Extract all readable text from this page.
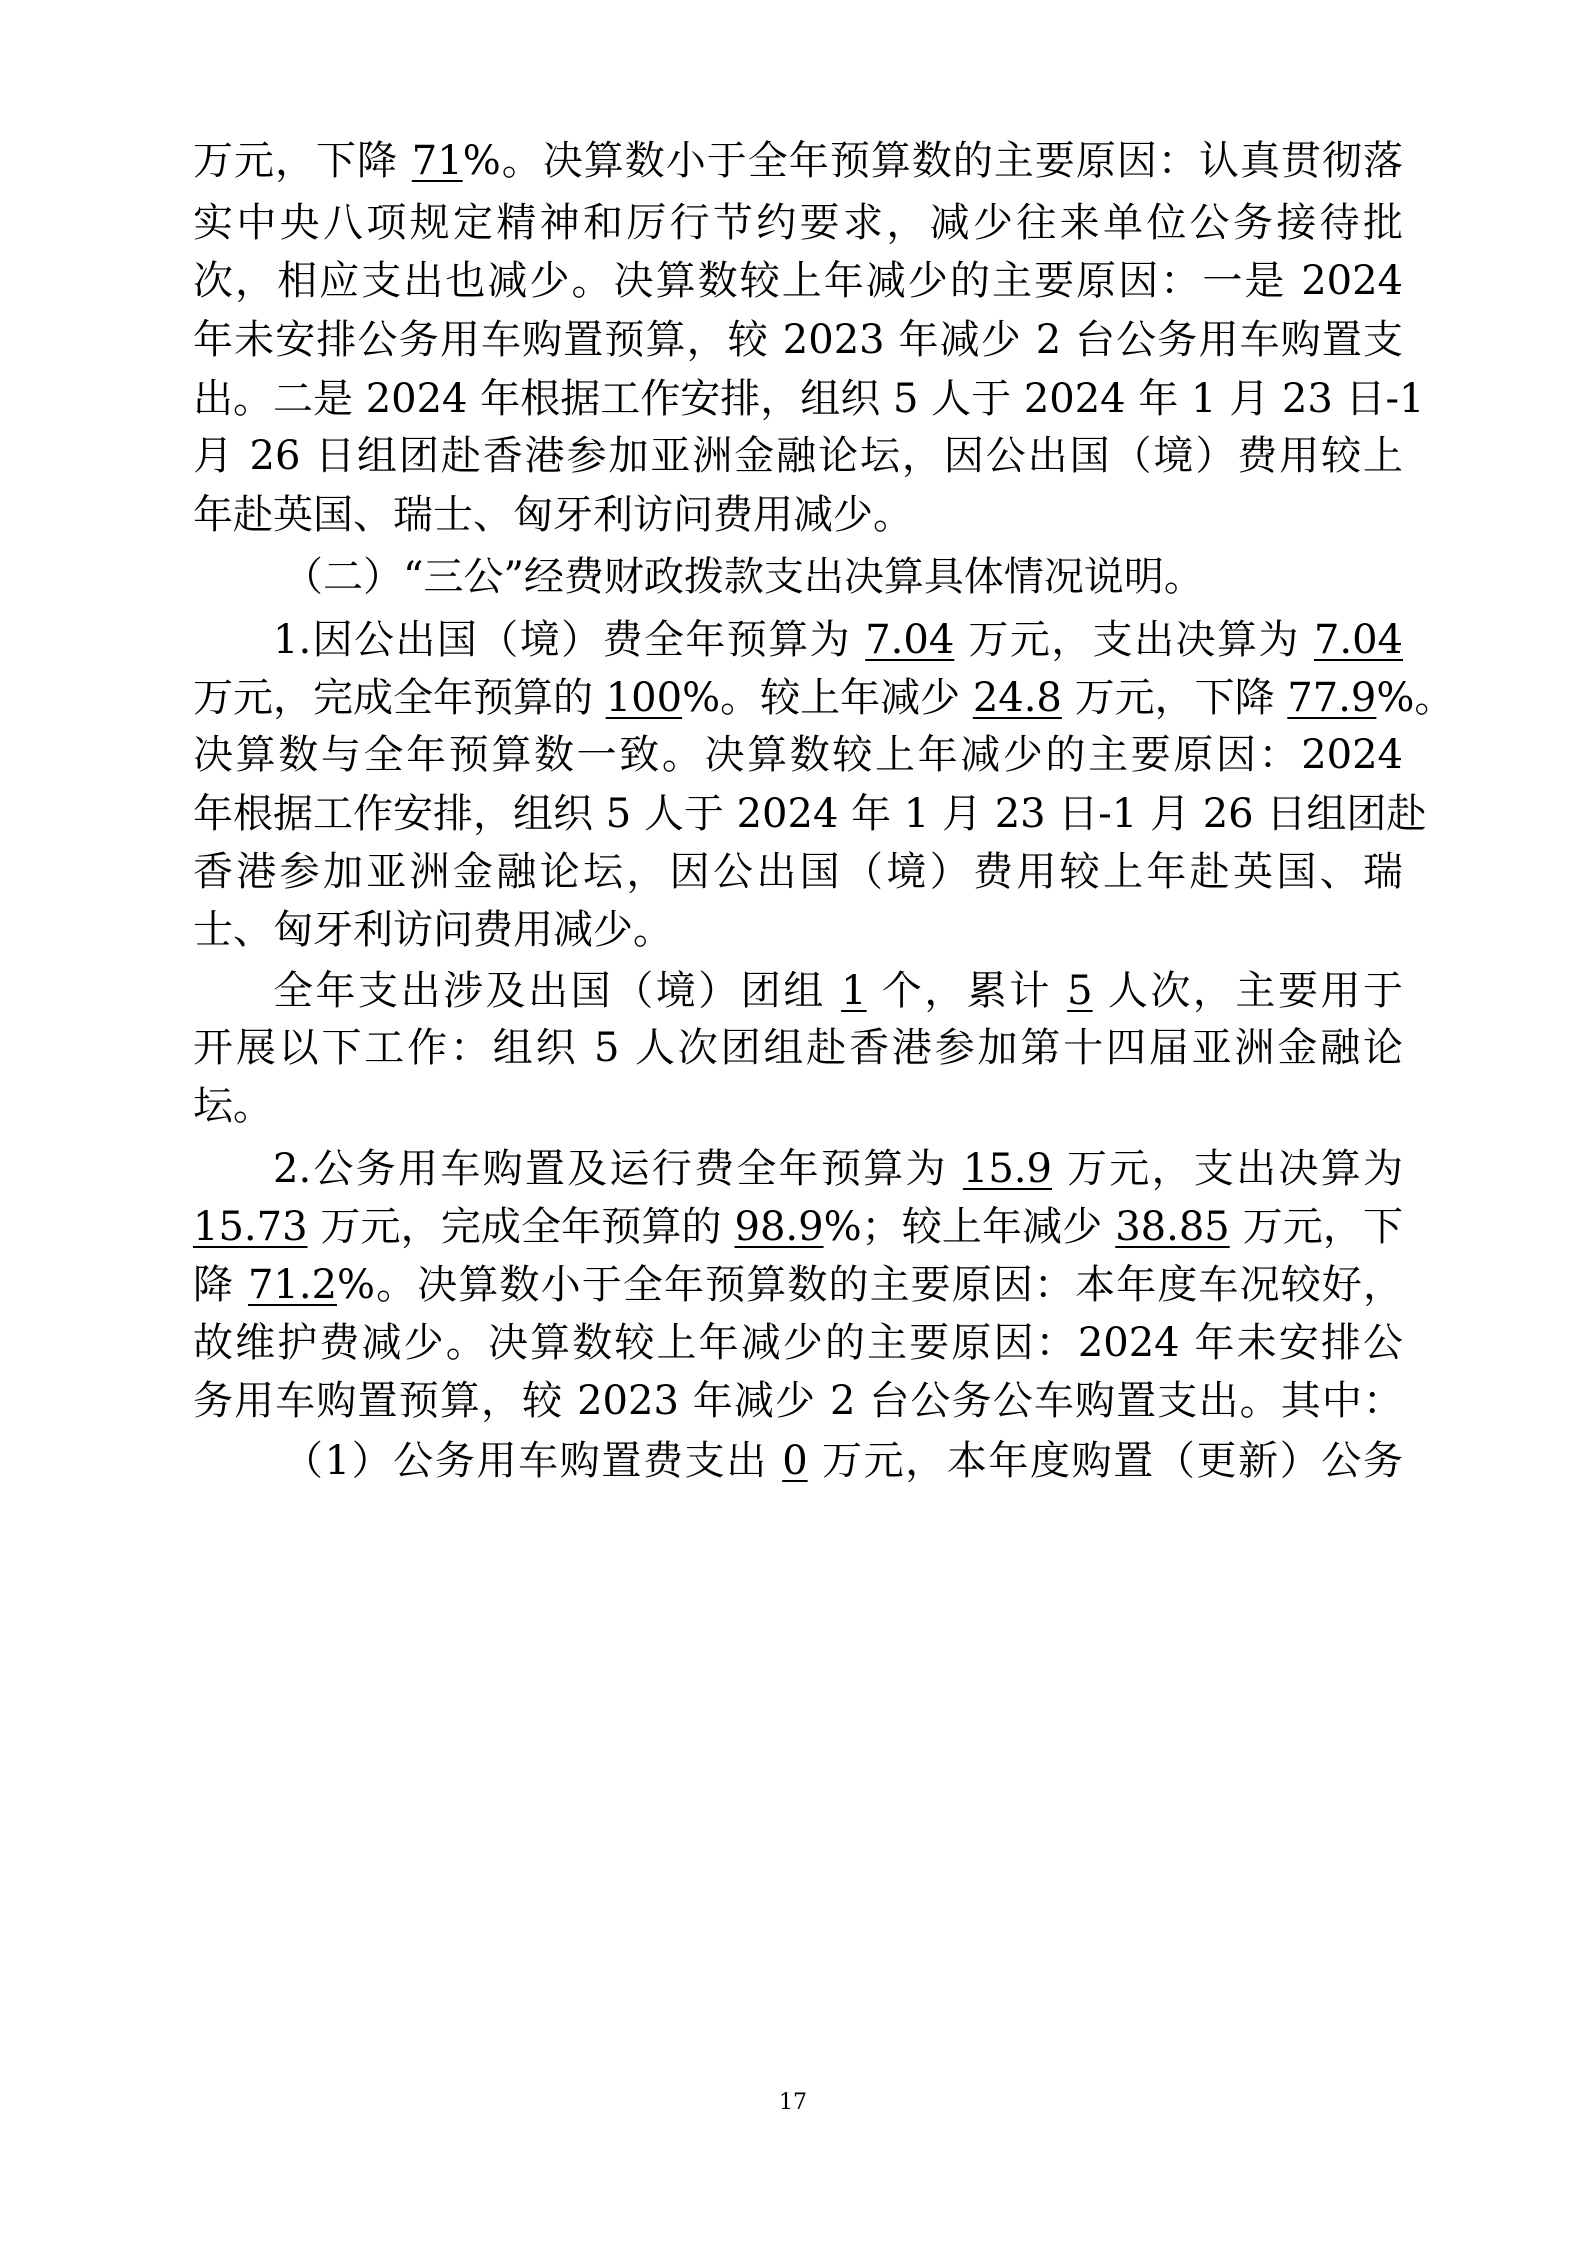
万元，下降 71%。决算数小于全年预算数的主要原因：认真贯彻落
实中央八项规定精神和厉行节约要求，减少往来单位公务接待批
次，相应支出也减少。决算数较上年减少的主要原因：一是 2024
年未安排公务用车购置预算，较 2023 年减少 2 台公务用车购置支
出。二是 2024 年根据工作安排，组织 5 人于 2024 年 1 月 23 日-1
月 26 日组团赴香港参加亚洲金融论坛，因公出国（境）费用较上
年赴英国、瑞士、匈牙利访问费用减少。
（二）“三公”经费财政拨款支出决算具体情况说明。
1.因公出国（境）费全年预算为 7.04 万元，支出决算为 7.04
万元，完成全年预算的 100%。较上年减少 24.8 万元，下降 77.9%。
决算数与全年预算数一致。决算数较上年减少的主要原因：2024
年根据工作安排，组织 5 人于 2024 年 1 月 23 日-1 月 26 日组团赴
香港参加亚洲金融论坛，因公出国（境）费用较上年赴英国、瑞
士、匈牙利访问费用减少。
全年支出涉及出国（境）团组 1 个，累计 5 人次，主要用于
开展以下工作：组织 5 人次团组赴香港参加第十四届亚洲金融论
坛。
2.公务用车购置及运行费全年预算为 15.9 万元，支出决算为
15.73 万元，完成全年预算的 98.9%；较上年减少 38.85 万元，下
降 71.2%。决算数小于全年预算数的主要原因：本年度车况较好，
故维护费减少。决算数较上年减少的主要原因：2024 年未安排公
务用车购置预算，较 2023 年减少 2 台公务公车购置支出。其中：
（1）公务用车购置费支出 0 万元，本年度购置（更新）公务
17
